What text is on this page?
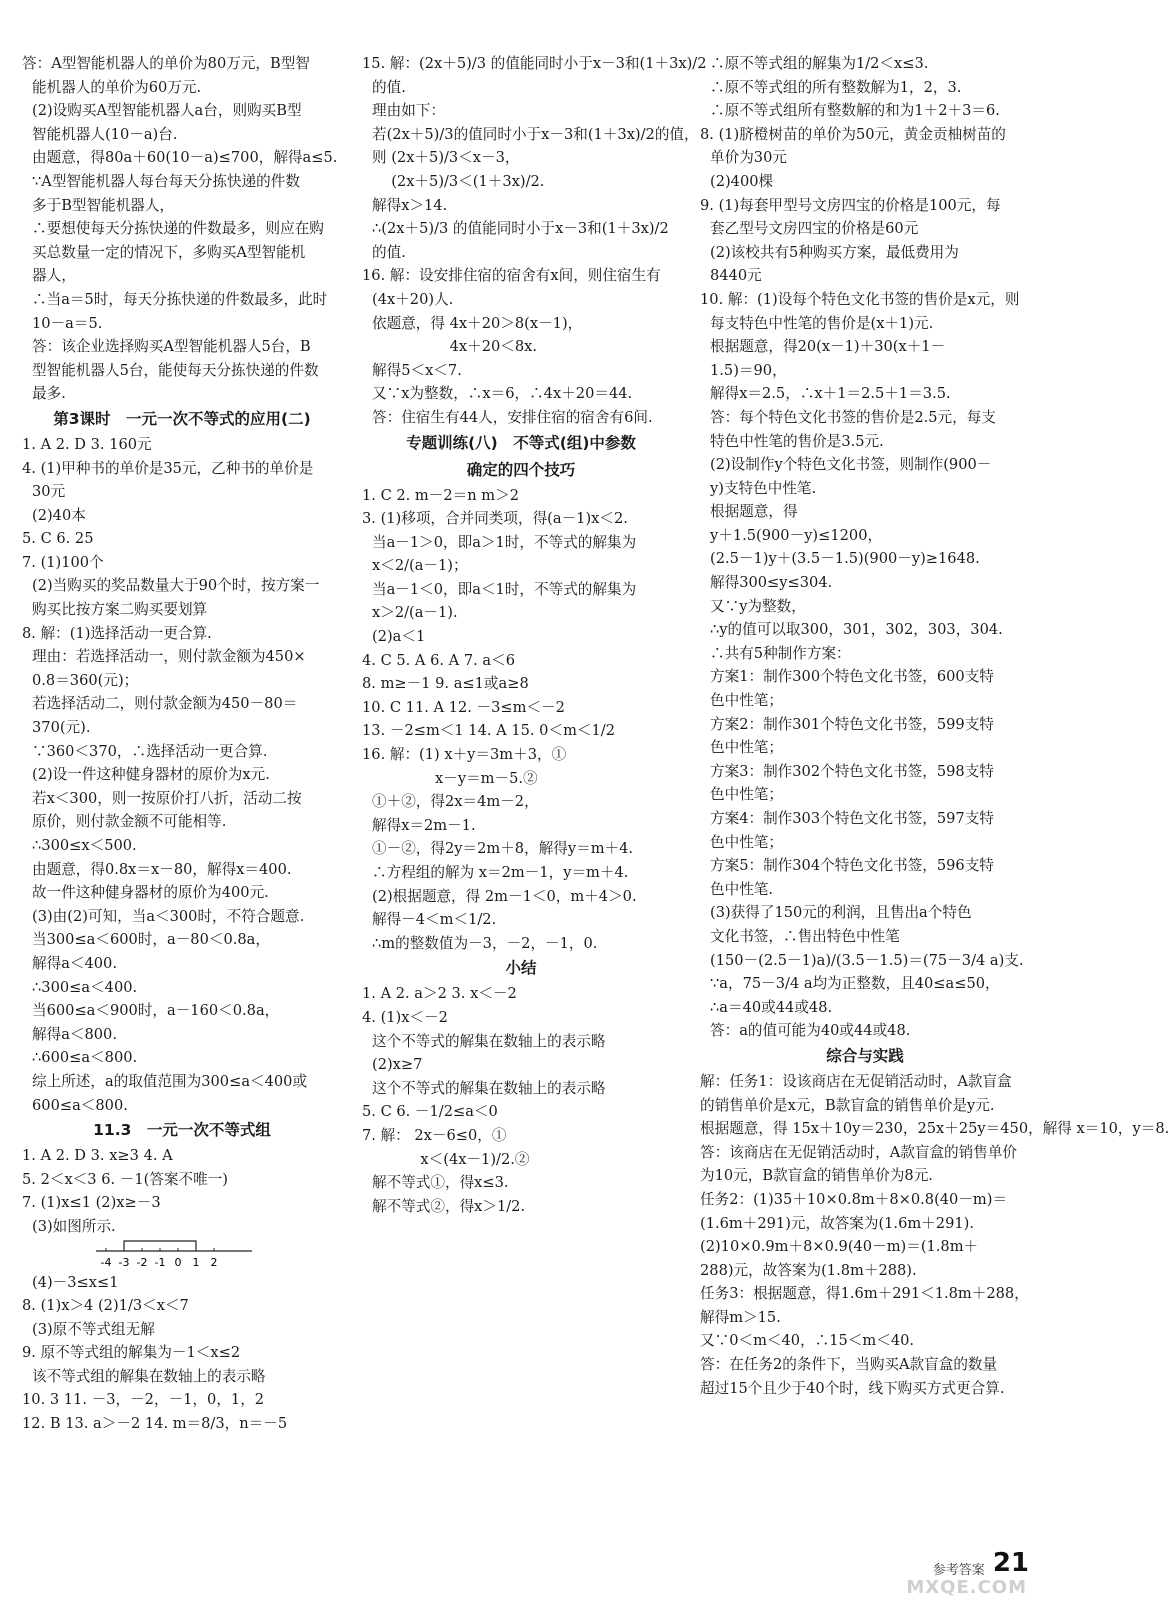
答：A型智能机器人的单价为80万元，B型智
能机器人的单价为60万元.
(2)设购买A型智能机器人a台，则购买B型
智能机器人(10－a)台.
由题意，得80a＋60(10－a)≤700，解得a≤5.
∵A型智能机器人每台每天分拣快递的件数
多于B型智能机器人，
∴要想使每天分拣快递的件数最多，则应在购
买总数量一定的情况下，多购买A型智能机
器人，
∴当a＝5时，每天分拣快递的件数最多，此时
10－a＝5.
答：该企业选择购买A型智能机器人5台，B
型智能机器人5台，能使每天分拣快递的件数
最多.
第3课时　一元一次不等式的应用(二)
1. A 2. D 3. 160元
4. (1)甲种书的单价是35元，乙种书的单价是
30元
(2)40本
5. C 6. 25
7. (1)100个
(2)当购买的奖品数量大于90个时，按方案一
购买比按方案二购买要划算
8. 解：(1)选择活动一更合算.
理由：若选择活动一，则付款金额为450×
0.8＝360(元)；
若选择活动二，则付款金额为450－80＝
370(元).
∵360＜370，∴选择活动一更合算.
(2)设一件这种健身器材的原价为x元.
若x＜300，则一按原价打八折，活动二按
原价，则付款金额不可能相等.
∴300≤x＜500.
由题意，得0.8x＝x－80，解得x＝400.
故一件这种健身器材的原价为400元.
(3)由(2)可知，当a＜300时，不符合题意.
当300≤a＜600时，a－80＜0.8a，
解得a＜400.
∴300≤a＜400.
当600≤a＜900时，a－160＜0.8a，
解得a＜800.
∴600≤a＜800.
综上所述，a的取值范围为300≤a＜400或
600≤a＜800.
11.3　一元一次不等式组
1. A 2. D 3. x≥3 4. A
5. 2＜x＜3 6. －1(答案不唯一)
7. (1)x≤1 (2)x≥－3
(3)如图所示.
-4 -3 -2 -1 0 1 2
(4)－3≤x≤1
8. (1)x＞4 (2)1/3＜x＜7
(3)原不等式组无解
9. 原不等式组的解集为－1＜x≤2
该不等式组的解集在数轴上的表示略
10. 3 11. －3，－2，－1，0，1，2
12. B 13. a＞－2 14. m＝8/3，n＝－5
15. 解：(2x＋5)/3 的值能同时小于x－3和(1＋3x)/2
的值.
理由如下：
若(2x＋5)/3的值同时小于x－3和(1＋3x)/2的值，
则 (2x＋5)/3＜x－3，
　 (2x＋5)/3＜(1＋3x)/2.
解得x＞14.
∴(2x＋5)/3 的值能同时小于x－3和(1＋3x)/2
的值.
16. 解：设安排住宿的宿舍有x间，则住宿生有
(4x＋20)人.
依题意，得 4x＋20＞8(x－1)，
　　　　　 4x＋20＜8x.
解得5＜x＜7.
又∵x为整数，∴x＝6，∴4x＋20＝44.
答：住宿生有44人，安排住宿的宿舍有6间.
专题训练(八)　不等式(组)中参数
确定的四个技巧
1. C 2. m－2＝n m＞2
3. (1)移项，合并同类项，得(a－1)x＜2.
当a－1＞0，即a＞1时，不等式的解集为
x＜2/(a－1)；
当a－1＜0，即a＜1时，不等式的解集为
x＞2/(a－1).
(2)a＜1
4. C 5. A 6. A 7. a＜6
8. m≥－1 9. a≤1或a≥8
10. C 11. A 12. －3≤m＜－2
13. －2≤m＜1 14. A 15. 0＜m＜1/2
16. 解：(1) x＋y＝3m＋3，①
　　　　 x－y＝m－5.②
①＋②，得2x＝4m－2，
解得x＝2m－1.
①－②，得2y＝2m＋8，解得y＝m＋4.
∴方程组的解为 x＝2m－1，y＝m＋4.
(2)根据题意，得 2m－1＜0，m＋4＞0.
解得－4＜m＜1/2.
∴m的整数值为－3，－2，－1，0.
小结
1. A 2. a＞2 3. x＜－2
4. (1)x＜－2
这个不等式的解集在数轴上的表示略
(2)x≥7
这个不等式的解集在数轴上的表示略
5. C 6. －1/2≤a＜0
7. 解： 2x－6≤0，①
　　　 x＜(4x－1)/2.②
解不等式①，得x≤3.
解不等式②，得x＞1/2.
∴原不等式组的解集为1/2＜x≤3.
∴原不等式组的所有整数解为1，2，3.
∴原不等式组所有整数解的和为1＋2＋3＝6.
8. (1)脐橙树苗的单价为50元，黄金贡柚树苗的
单价为30元
(2)400棵
9. (1)每套甲型号文房四宝的价格是100元，每
套乙型号文房四宝的价格是60元
(2)该校共有5种购买方案，最低费用为
8440元
10. 解：(1)设每个特色文化书签的售价是x元，则
每支特色中性笔的售价是(x＋1)元.
根据题意，得20(x－1)＋30(x＋1－
1.5)＝90，
解得x＝2.5，∴x＋1＝2.5＋1＝3.5.
答：每个特色文化书签的售价是2.5元，每支
特色中性笔的售价是3.5元.
(2)设制作y个特色文化书签，则制作(900－
y)支特色中性笔.
根据题意，得
y＋1.5(900－y)≤1200，
(2.5－1)y＋(3.5－1.5)(900－y)≥1648.
解得300≤y≤304.
又∵y为整数，
∴y的值可以取300，301，302，303，304.
∴共有5种制作方案：
方案1：制作300个特色文化书签，600支特
色中性笔；
方案2：制作301个特色文化书签，599支特
色中性笔；
方案3：制作302个特色文化书签，598支特
色中性笔；
方案4：制作303个特色文化书签，597支特
色中性笔；
方案5：制作304个特色文化书签，596支特
色中性笔.
(3)获得了150元的利润，且售出a个特色
文化书签，∴售出特色中性笔
(150－(2.5－1)a)/(3.5－1.5)＝(75－3/4 a)支.
∵a，75－3/4 a均为正整数，且40≤a≤50，
∴a＝40或44或48.
答：a的值可能为40或44或48.
综合与实践
解：任务1：设该商店在无促销活动时，A款盲盒
的销售单价是x元，B款盲盒的销售单价是y元.
根据题意，得 15x＋10y＝230，25x＋25y＝450，解得 x＝10，y＝8.
答：该商店在无促销活动时，A款盲盒的销售单价
为10元，B款盲盒的销售单价为8元.
任务2：(1)35＋10×0.8m＋8×0.8(40－m)＝
(1.6m＋291)元，故答案为(1.6m＋291).
(2)10×0.9m＋8×0.9(40－m)＝(1.8m＋
288)元，故答案为(1.8m＋288).
任务3：根据题意，得1.6m＋291＜1.8m＋288，
解得m＞15.
又∵0＜m＜40，∴15＜m＜40.
答：在任务2的条件下，当购买A款盲盒的数量
超过15个且少于40个时，线下购买方式更合算.
参考答案 21
MXQE.COM
